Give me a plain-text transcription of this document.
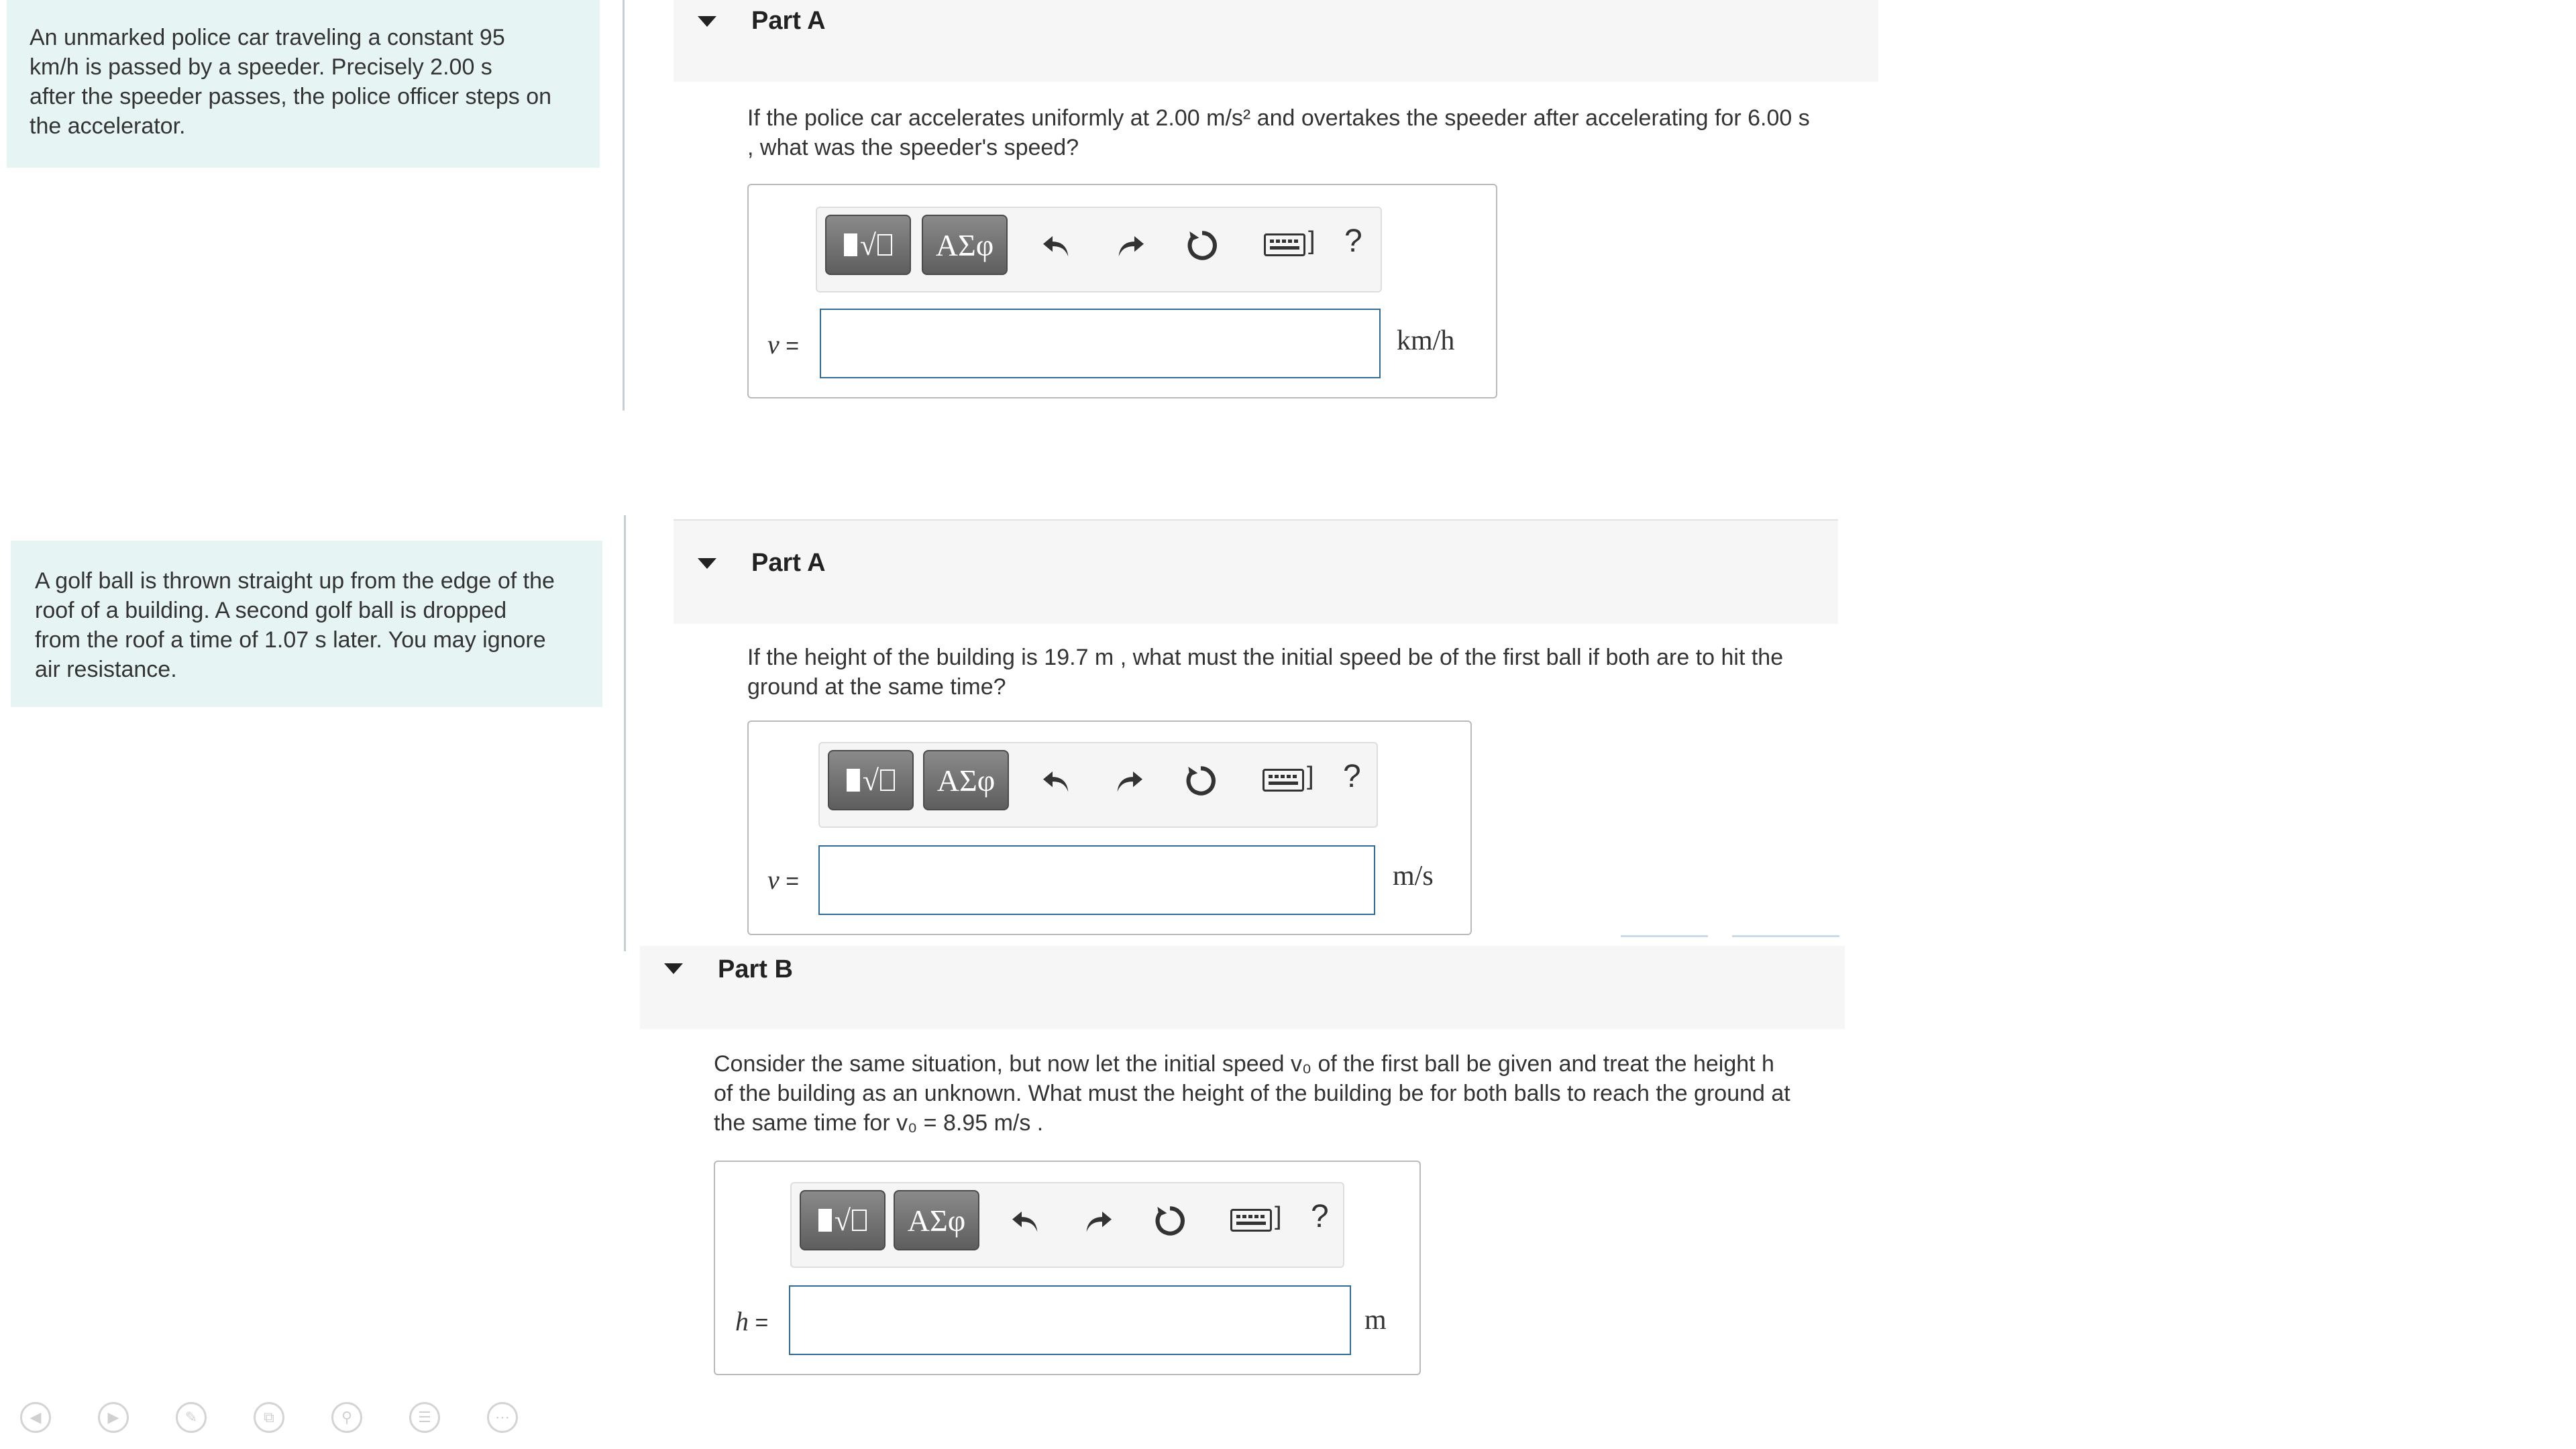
An unmarked police car traveling a constant 95
km/h is passed by a speeder. Precisely 2.00 s
after the speeder passes, the police officer steps on
the accelerator.
Part A
If the police car accelerates uniformly at 2.00 m/s² and overtakes the speeder after accelerating for 6.00 s
, what was the speeder's speed?
√	ΑΣφ	] ?
v =	km/h
A golf ball is thrown straight up from the edge of the
roof of a building. A second golf ball is dropped
from the roof a time of 1.07 s later. You may ignore
air resistance.
Part A
If the height of the building is 19.7 m , what must the initial speed be of the first ball if both are to hit the
ground at the same time?
√	ΑΣφ	] ?
v =	m/s
Part B
Consider the same situation, but now let the initial speed v₀ of the first ball be given and treat the height h
of the building as an unknown. What must the height of the building be for both balls to reach the ground at
the same time for v₀ = 8.95 m/s .
√	ΑΣφ	] ?
h =	m
◀	▶	✎	⧉	⚲	☰	⋯
